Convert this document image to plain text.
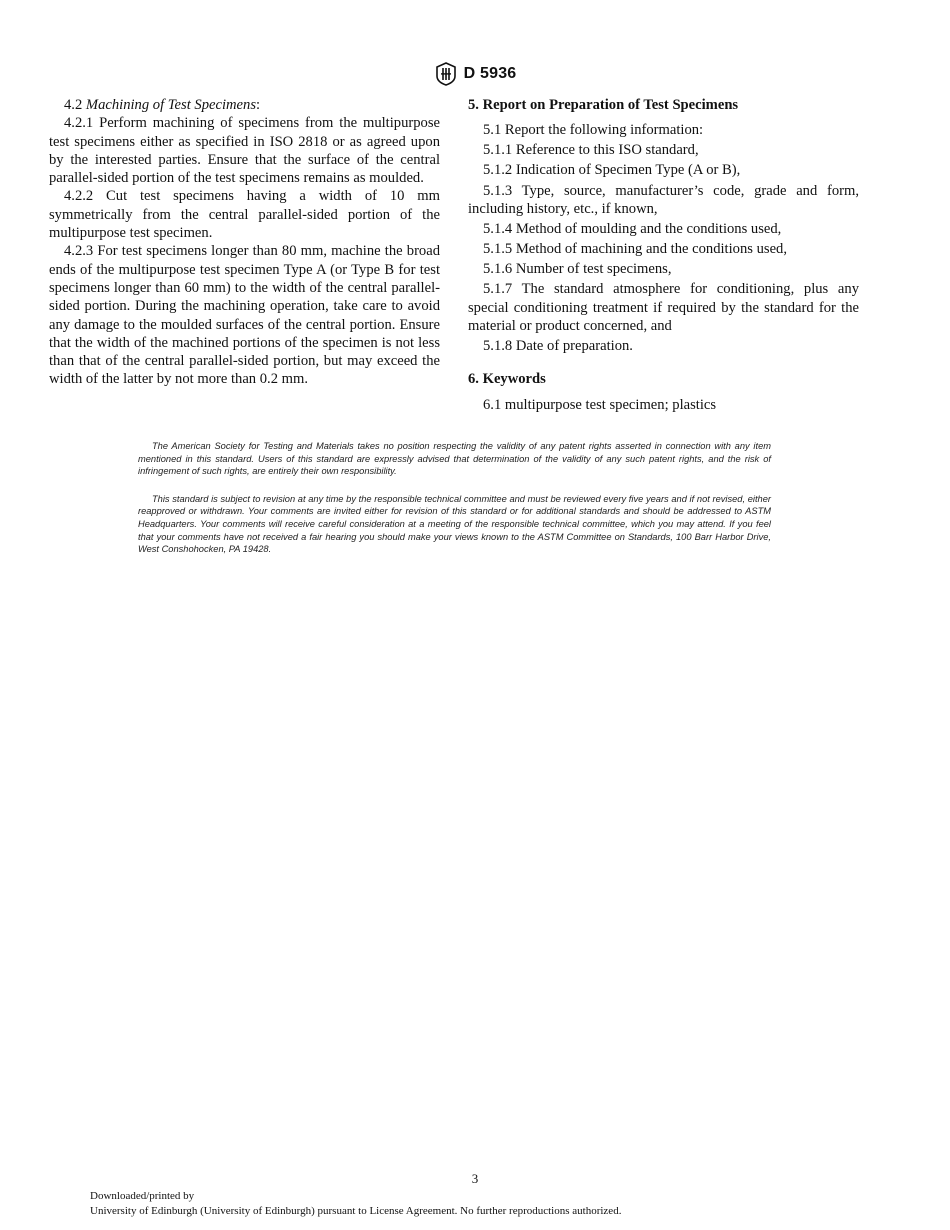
D 5936

4.2 Machining of Test Specimens:

4.2.1 Perform machining of specimens from the multipurpose test specimens either as specified in ISO 2818 or as agreed upon by the interested parties. Ensure that the surface of the central parallel-sided portion of the test specimens remains as moulded.

4.2.2 Cut test specimens having a width of 10 mm symmetrically from the central parallel-sided portion of the multipurpose test specimen.

4.2.3 For test specimens longer than 80 mm, machine the broad ends of the multipurpose test specimen Type A (or Type B for test specimens longer than 60 mm) to the width of the central parallel-sided portion. During the machining operation, take care to avoid any damage to the moulded surfaces of the central portion. Ensure that the width of the machined portions of the specimen is not less than that of the central parallel-sided portion, but may exceed the width of the latter by not more than 0.2 mm.

5. Report on Preparation of Test Specimens

5.1 Report the following information:

5.1.1 Reference to this ISO standard,

5.1.2 Indication of Specimen Type (A or B),

5.1.3 Type, source, manufacturer’s code, grade and form, including history, etc., if known,

5.1.4 Method of moulding and the conditions used,

5.1.5 Method of machining and the conditions used,

5.1.6 Number of test specimens,

5.1.7 The standard atmosphere for conditioning, plus any special conditioning treatment if required by the standard for the material or product concerned, and

5.1.8 Date of preparation.

6. Keywords

6.1 multipurpose test specimen; plastics

The American Society for Testing and Materials takes no position respecting the validity of any patent rights asserted in connection with any item mentioned in this standard. Users of this standard are expressly advised that determination of the validity of any such patent rights, and the risk of infringement of such rights, are entirely their own responsibility.

This standard is subject to revision at any time by the responsible technical committee and must be reviewed every five years and if not revised, either reapproved or withdrawn. Your comments are invited either for revision of this standard or for additional standards and should be addressed to ASTM Headquarters. Your comments will receive careful consideration at a meeting of the responsible technical committee, which you may attend. If you feel that your comments have not received a fair hearing you should make your views known to the ASTM Committee on Standards, 100 Barr Harbor Drive, West Conshohocken, PA 19428.

3
Downloaded/printed by
University of Edinburgh (University of Edinburgh) pursuant to License Agreement. No further reproductions authorized.
